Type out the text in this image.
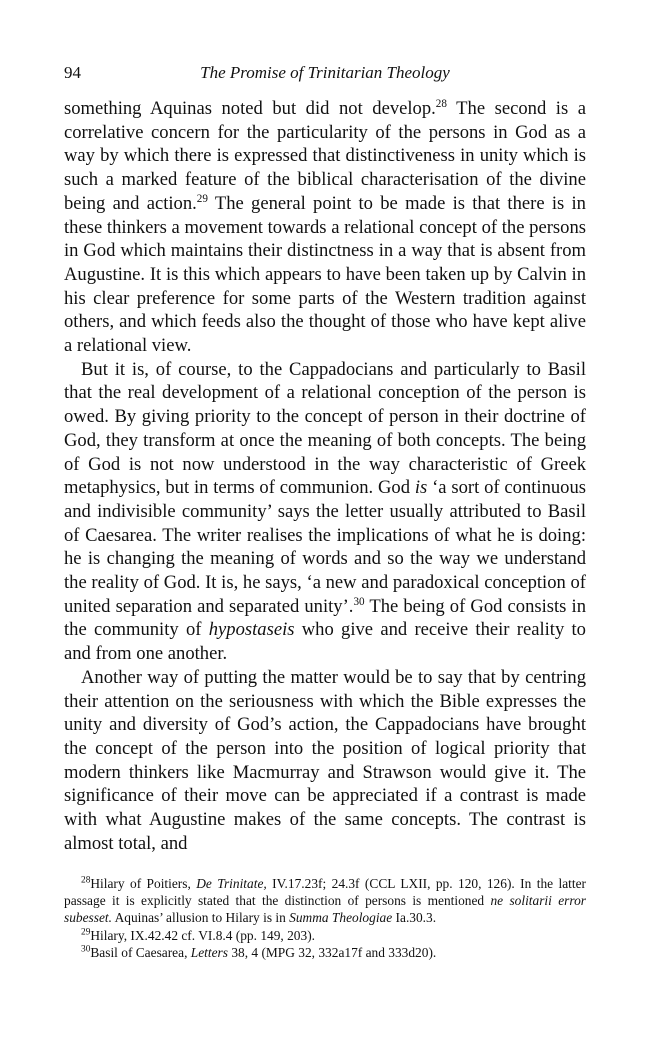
94	The Promise of Trinitarian Theology

something Aquinas noted but did not develop.$^{28}$ The second is a correlative concern for the particularity of the persons in God as a way by which there is expressed that distinctiveness in unity which is such a marked feature of the biblical characterisation of the divine being and action.$^{29}$ The general point to be made is that there is in these thinkers a movement towards a relational concept of the persons in God which maintains their distinctness in a way that is absent from Augustine. It is this which appears to have been taken up by Calvin in his clear preference for some parts of the Western tradition against others, and which feeds also the thought of those who have kept alive a relational view.

But it is, of course, to the Cappadocians and particularly to Basil that the real development of a relational conception of the person is owed. By giving priority to the concept of person in their doctrine of God, they transform at once the meaning of both concepts. The being of God is not now understood in the way characteristic of Greek metaphysics, but in terms of communion. God is ‘a sort of continuous and indivisible community’ says the letter usually attributed to Basil of Caesarea. The writer realises the implications of what he is doing: he is changing the meaning of words and so the way we understand the reality of God. It is, he says, ‘a new and paradoxical conception of united separation and separated unity’.$^{30}$ The being of God consists in the community of hypostaseis who give and receive their reality to and from one another.

Another way of putting the matter would be to say that by centring their attention on the seriousness with which the Bible expresses the unity and diversity of God’s action, the Cappadocians have brought the concept of the person into the position of logical priority that modern thinkers like Macmurray and Strawson would give it. The significance of their move can be appreciated if a contrast is made with what Augustine makes of the same concepts. The contrast is almost total, and

$^{28}$Hilary of Poitiers, De Trinitate, IV.17.23f; 24.3f (CCL LXII, pp. 120, 126). In the latter passage it is explicitly stated that the distinction of persons is mentioned ne solitarii error subesset. Aquinas’ allusion to Hilary is in Summa Theologiae Ia.30.3.

$^{29}$Hilary, IX.42.42 cf. VI.8.4 (pp. 149, 203).

$^{30}$Basil of Caesarea, Letters 38, 4 (MPG 32, 332a17f and 333d20).
